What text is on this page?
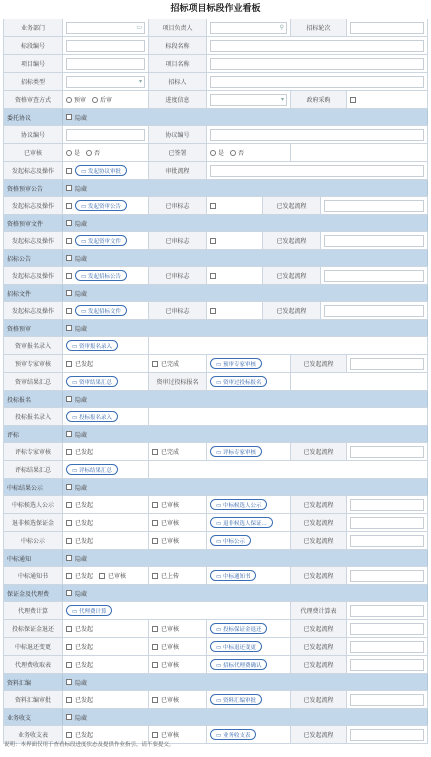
招标项目标段作业看板
业务部门	▭	项目负责人	⚲	招标轮次
标段编号	标段名称
项目编号	项目名称
招标类型	▾	招标人
资格审查方式	预审 后审	进度信息	▾	政府采购
委托协议	隐藏
协议编号	协议编号
已审核	是 否	已签署	是 否
发起标志及操作	▭ 发起协议审批	审批流程
资格预审公告	隐藏
发起标志及操作	▭ 发起资审公告	已审标志	已发起流程
资格预审文件	隐藏
发起标志及操作	▭ 发起资审文件	已审标志	已发起流程
招标公告	隐藏
发起标志及操作	▭ 发起招标公告	已审标志	已发起流程
招标文件	隐藏
发起标志及操作	▭ 发起招标文件	已审标志	已发起流程
资格预审	隐藏
资审报名录入	▭ 资审报名录入
预审专家审核	已发起	已完成	▭ 预审专家审核	已发起流程
资审结果汇总	▭ 资审结果汇总	资审过投标报名	▭ 资审过投标报名
投标报名	隐藏
投标报名录入	▭ 投标报名录入
评标	隐藏
评标专家审核	已发起	已完成	▭ 评标专家审核	已发起流程
评标结果汇总	▭ 评标结果汇总
中标结果公示	隐藏
中标候选人公示	已发起	已审核	▭ 中标候选人公示	已发起流程
退非候选保证金	已发起	已审核	▭ 退非候选人保证...	已发起流程
中标公示	已发起	已审核	▭ 中标公示	已发起流程
中标通知	隐藏
中标通知书	已发起	已审核	已上传	▭ 中标通知书	已发起流程
保证金及代理费	隐藏
代理费计算	▭ 代理费计算	代理费计算表
投标保证金退还	已发起	已审核	▭ 投标保证金退还	已发起流程
中标退还变更	已发起	已审核	▭ 中标退还变更	已发起流程
代理费收取表	已发起	已审核	▭ 招标代理费确认	已发起流程
资料汇编	隐藏
资料汇编审批	已发起	已审核	▭ 资料汇编审批	已发起流程
业务收支	隐藏
业务收支表	已发起	已审核	▭ 业务收支表	已发起流程
说明：本界面仅用于查看标段进度状态及提供作业指引，请不要提交。
